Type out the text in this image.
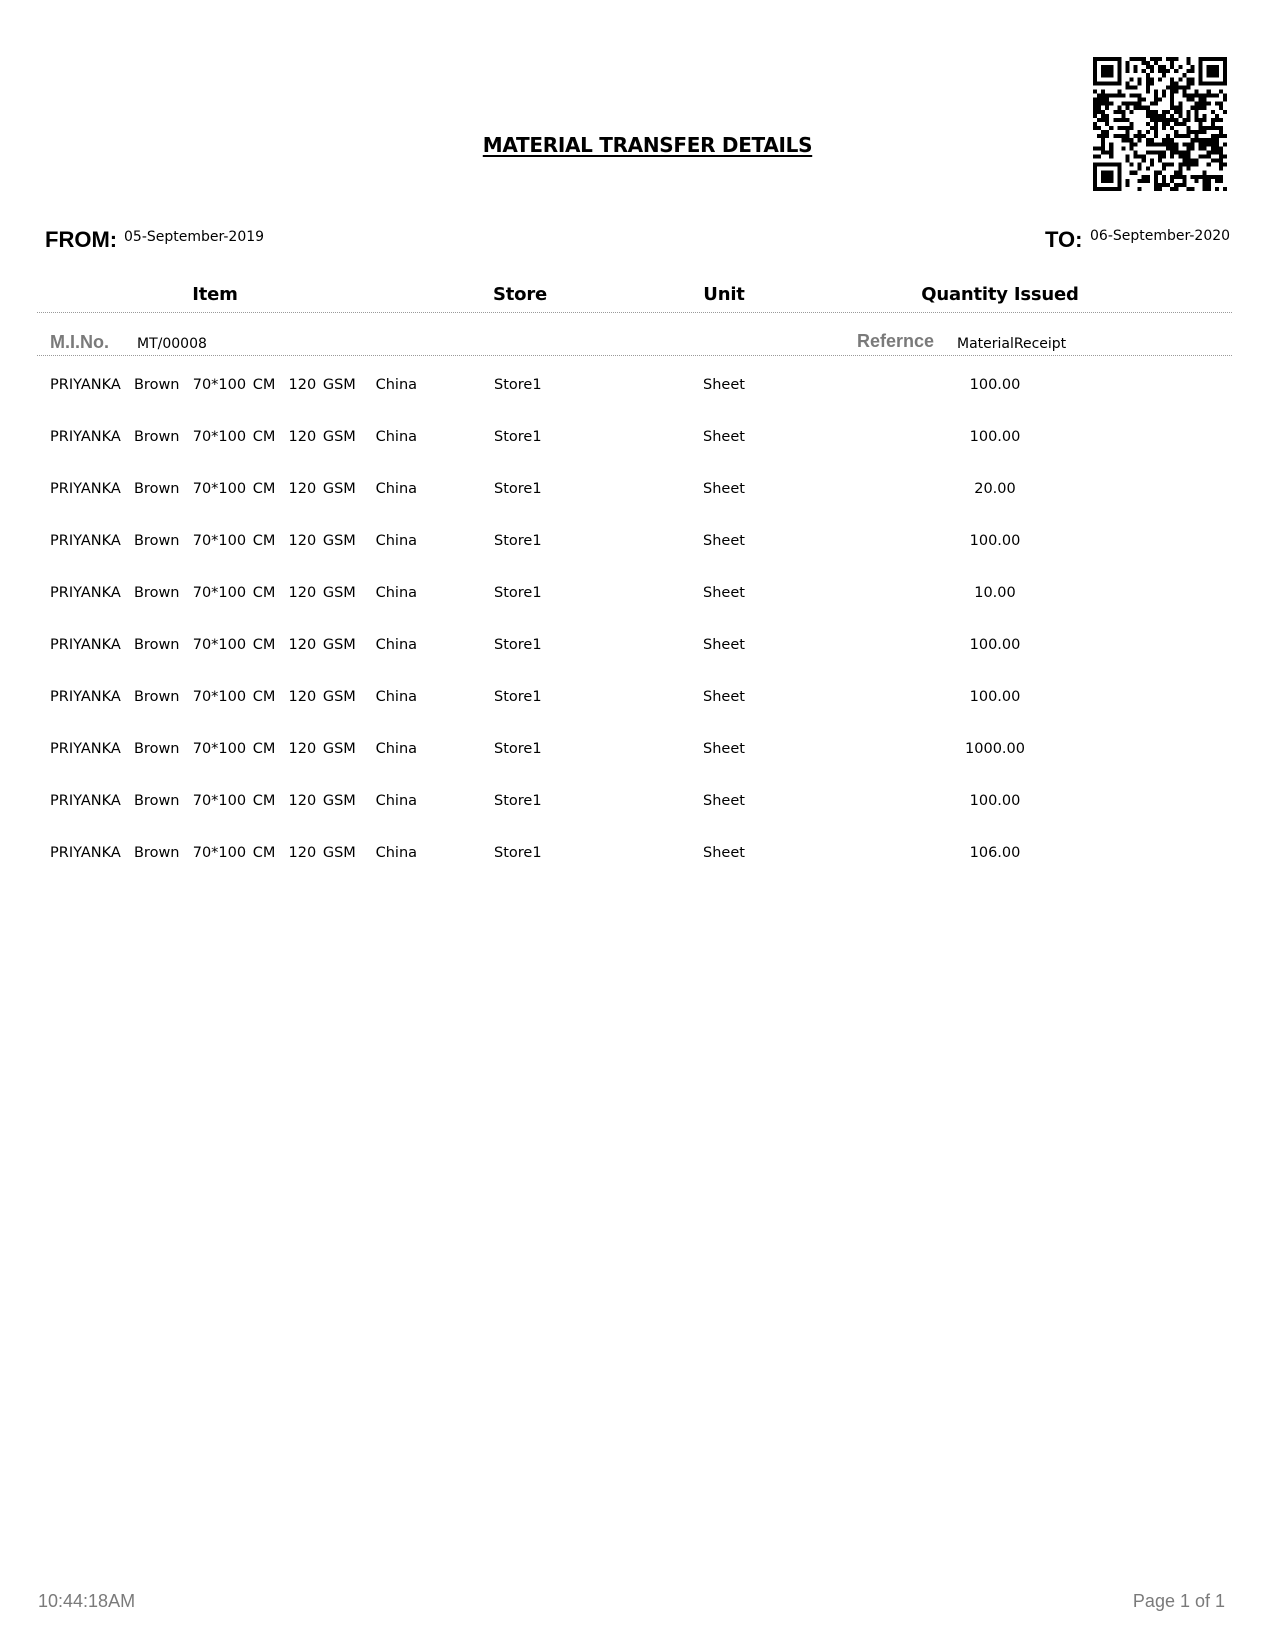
MATERIAL TRANSFER DETAILS
FROM: 05-September-2019	TO: 06-September-2020
Item	Store	Unit	Quantity Issued
M.I.No. MT/00008	Refernce MaterialReceipt
PRIYANKA  Brown  70*100 CM  120 GSM   China	Store1	Sheet	100.00
PRIYANKA  Brown  70*100 CM  120 GSM   China	Store1	Sheet	100.00
PRIYANKA  Brown  70*100 CM  120 GSM   China	Store1	Sheet	20.00
PRIYANKA  Brown  70*100 CM  120 GSM   China	Store1	Sheet	100.00
PRIYANKA  Brown  70*100 CM  120 GSM   China	Store1	Sheet	10.00
PRIYANKA  Brown  70*100 CM  120 GSM   China	Store1	Sheet	100.00
PRIYANKA  Brown  70*100 CM  120 GSM   China	Store1	Sheet	100.00
PRIYANKA  Brown  70*100 CM  120 GSM   China	Store1	Sheet	1000.00
PRIYANKA  Brown  70*100 CM  120 GSM   China	Store1	Sheet	100.00
PRIYANKA  Brown  70*100 CM  120 GSM   China	Store1	Sheet	106.00
10:44:18AM	Page 1 of 1
